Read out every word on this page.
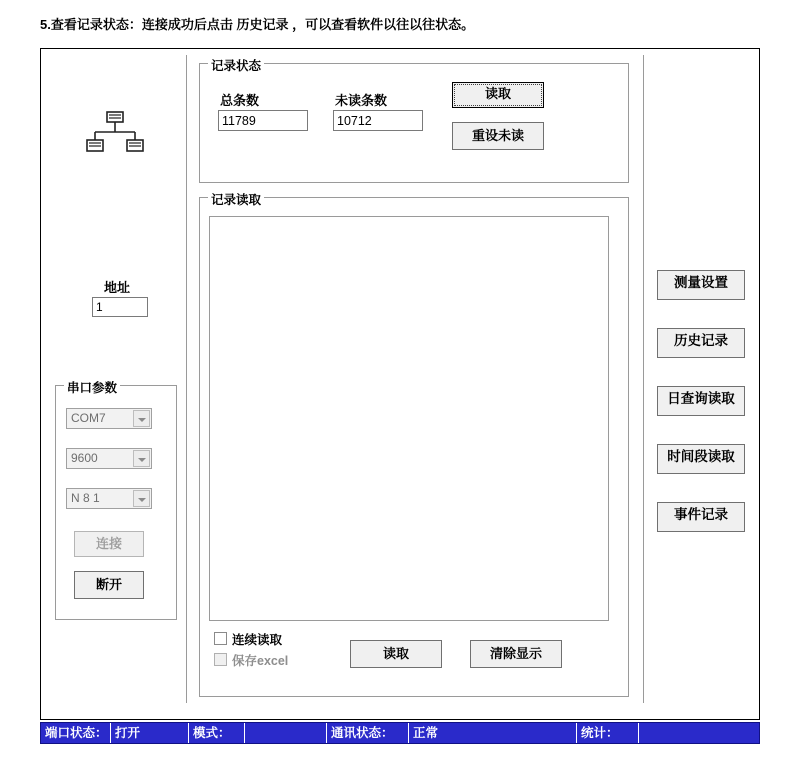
5.查看记录状态：连接成功后点击 历史记录 ，可以查看软件以往以往状态。
地址
1
串口参数
COM7
9600
N 8 1
连接
断开
记录状态
总条数
11789	未读条数
10712	读取
重设未读
记录读取
连续读取
保存excel	读取	清除显示
测量设置
历史记录
日查询读取
时间段读取
事件记录
端口状态： 打开	模式：	通讯状态：	正常	统计：
